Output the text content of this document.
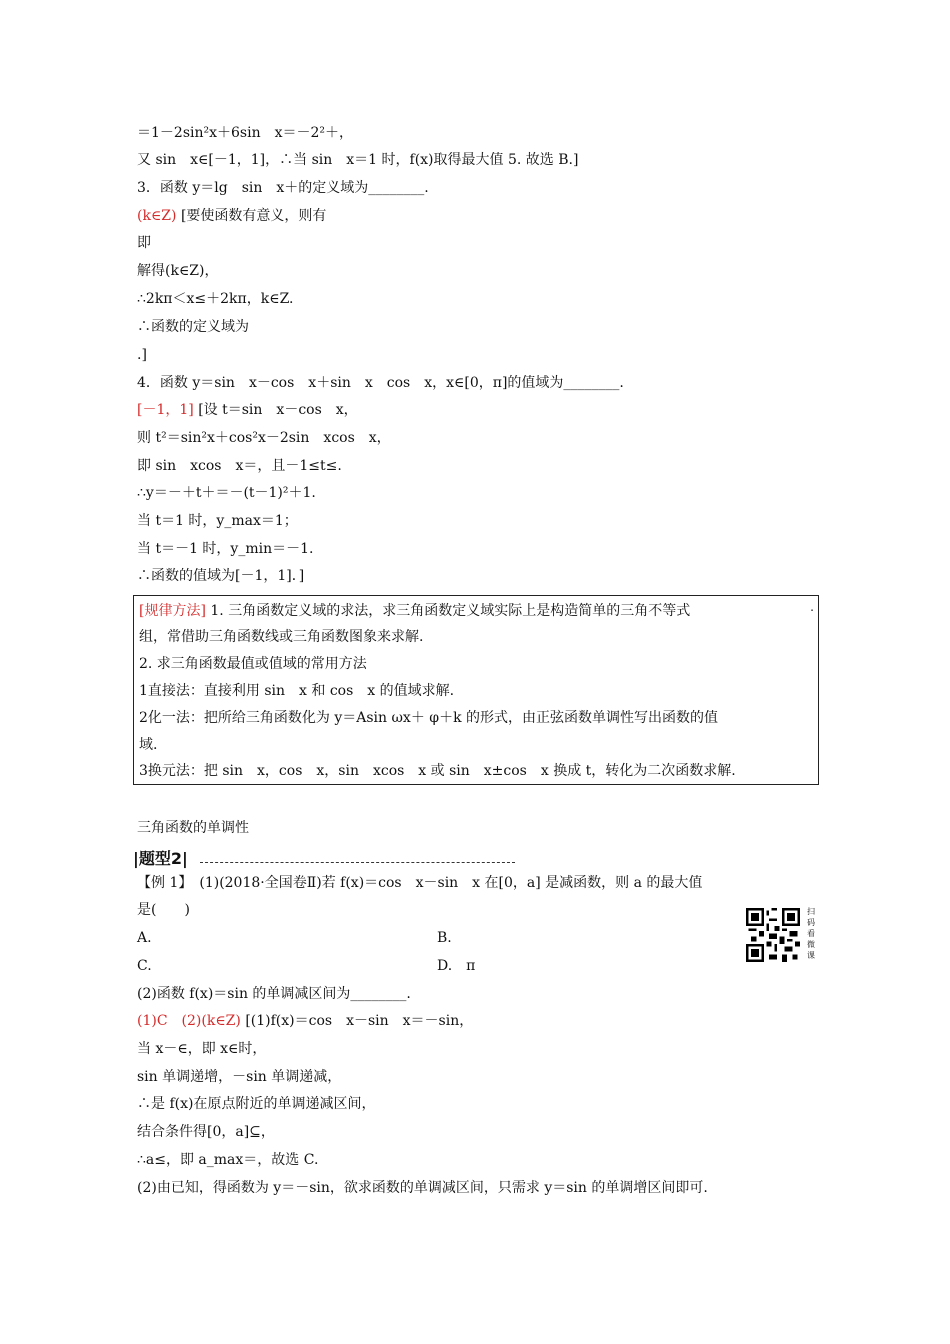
＝1－2sin²x＋6sin　x＝－2²＋，
又 sin　x∈[－1，1]，∴当 sin　x＝1 时，f(x)取得最大值 5. 故选 B.]
3．函数 y＝lg　sin　x＋的定义域为________.
(k∈Z) [要使函数有意义，则有
即
解得(k∈Z)，
∴2kπ＜x≤＋2kπ，k∈Z.
∴函数的定义域为
.]
4．函数 y＝sin　x－cos　x＋sin　x　cos　x，x∈[0，π]的值域为________.
[－1，1] [设 t＝sin　x－cos　x，
则 t²＝sin²x＋cos²x－2sin　xcos　x，
即 sin　xcos　x＝，且－1≤t≤.
∴y＝－＋t＋＝－(t－1)²＋1.
当 t＝1 时，y_max＝1；
当 t＝－1 时，y_min＝－1.
∴函数的值域为[－1，1]．]
.
[规律方法] 1. 三角函数定义域的求法，求三角函数定义域实际上是构造简单的三角不等式
组，常借助三角函数线或三角函数图象来求解.
2. 求三角函数最值或值域的常用方法
1直接法：直接利用 sin　x 和 cos　x 的值域求解.
2化一法：把所给三角函数化为 y＝Asin ωx＋ φ＋k 的形式，由正弦函数单调性写出函数的值
域.
3换元法：把 sin　x，cos　x，sin　xcos　x 或 sin　x±cos　x 换成 t，转化为二次函数求解.
三角函数的单调性
|题型2|
【例 1】　(1)(2018·全国卷Ⅱ)若 f(x)＝cos　x－sin　x 在[0，a] 是减函数，则 a 的最大值
是(　　)
A.	B.
C.	D.　π
扫码看微课
(2)函数 f(x)＝sin 的单调减区间为________.
(1)C　(2)(k∈Z) [(1)f(x)＝cos　x－sin　x＝－sin，
当 x－∈，即 x∈时，
sin 单调递增，－sin 单调递减，
∴是 f(x)在原点附近的单调递减区间，
结合条件得[0，a]⊆，
∴a≤，即 a_max＝，故选 C.
(2)由已知，得函数为 y＝－sin，欲求函数的单调减区间，只需求 y＝sin 的单调增区间即可.
